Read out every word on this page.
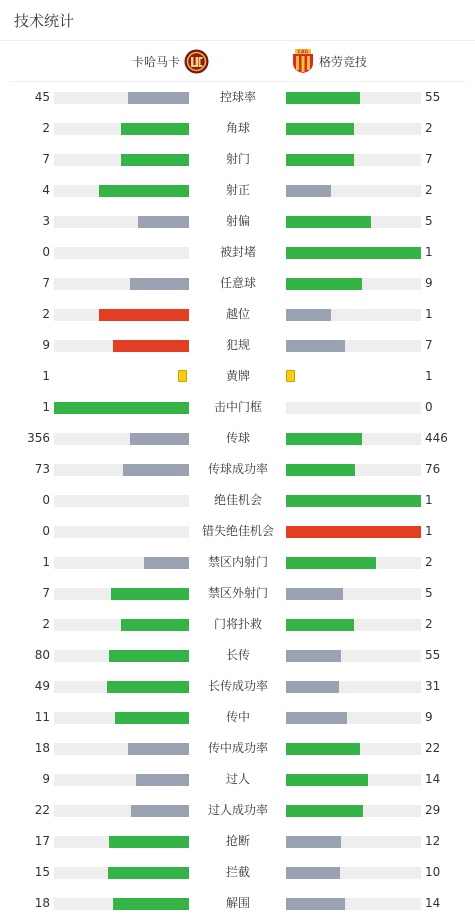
技术统计
卡哈马卡
CAG
格劳竞技
45	控球率	55
2	角球	2
7	射门	7
4	射正	2
3	射偏	5
0	被封堵	1
7	任意球	9
2	越位	1
9	犯规	7
1	黄牌	1
1	击中门框	0
356	传球	446
73	传球成功率	76
0	绝佳机会	1
0	错失绝佳机会	1
1	禁区内射门	2
7	禁区外射门	5
2	门将扑救	2
80	长传	55
49	长传成功率	31
11	传中	9
18	传中成功率	22
9	过人	14
22	过人成功率	29
17	抢断	12
15	拦截	10
18	解围	14
